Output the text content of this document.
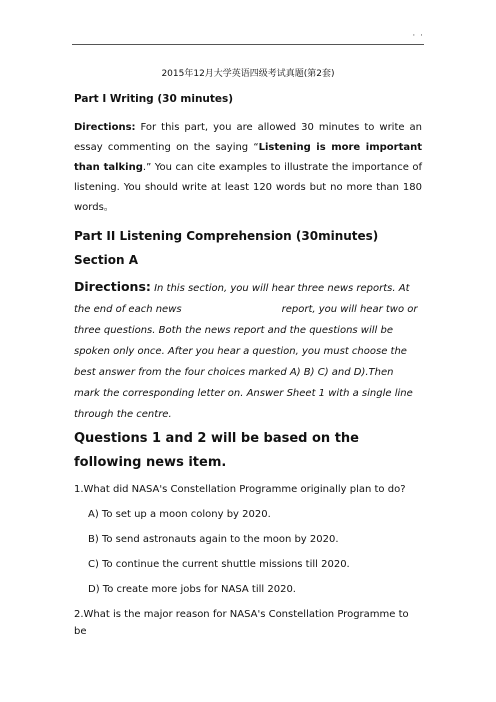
· ·
2015年12月大学英语四级考试真题(第2套)
Part I Writing (30 minutes)

Directions: For this part, you are allowed 30 minutes to write an essay commenting on the saying “Listening is more important than talking.” You can cite examples to illustrate the importance of listening. You should write at least 120 words but no more than 180 words。

Part II Listening Comprehension (30minutes)
Section A
Directions: In this section, you will hear three news reports. At the end of each news	report, you will hear two or three questions. Both the news report and the questions will be spoken only once. After you hear a question, you must choose the best answer from the four choices marked A) B) C) and D).Then mark the corresponding letter on. Answer Sheet 1 with a single line through the centre.
Questions 1 and 2 will be based on the following news item.
1.What did NASA's Constellation Programme originally plan to do?
A) To set up a moon colony by 2020.
B) To send astronauts again to the moon by 2020.
C) To continue the current shuttle missions till 2020.
D) To create more jobs for NASA till 2020.
2.What is the major reason for NASA's Constellation Programme to be
